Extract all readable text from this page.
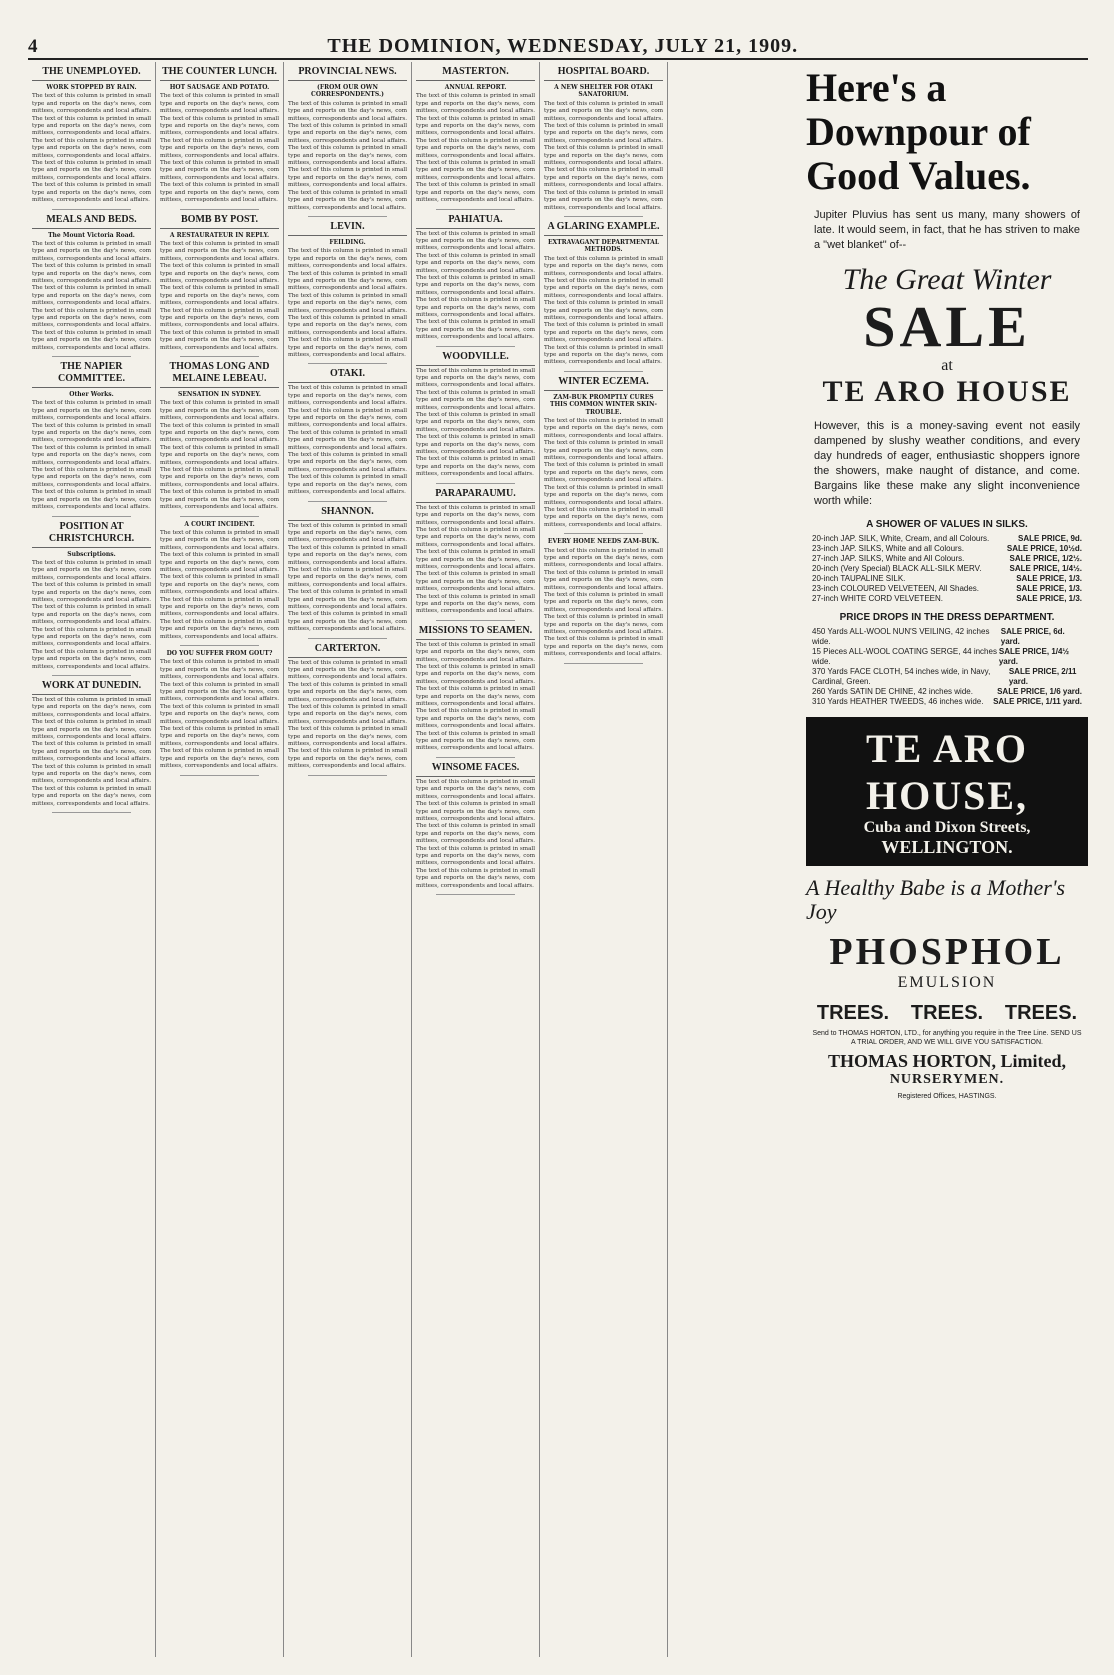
4	THE DOMINION, WEDNESDAY, JULY 21, 1909.
THE UNEMPLOYED.
WORK STOPPED BY RAIN.
The text of this column is printed in small type and reports on the day's news, committees, correspondents and local affairs. The text of this column is printed in small type and reports on the day's news, committees, correspondents and local affairs. The text of this column is printed in small type and reports on the day's news, committees, correspondents and local affairs. The text of this column is printed in small type and reports on the day's news, committees, correspondents and local affairs. The text of this column is printed in small type and reports on the day's news, committees, correspondents and local affairs.
MEALS AND BEDS.
The Mount Victoria Road.
The text of this column is printed in small type and reports on the day's news, committees, correspondents and local affairs. The text of this column is printed in small type and reports on the day's news, committees, correspondents and local affairs. The text of this column is printed in small type and reports on the day's news, committees, correspondents and local affairs. The text of this column is printed in small type and reports on the day's news, committees, correspondents and local affairs. The text of this column is printed in small type and reports on the day's news, committees, correspondents and local affairs.
THE NAPIER COMMITTEE.
Other Works.
The text of this column is printed in small type and reports on the day's news, committees, correspondents and local affairs. The text of this column is printed in small type and reports on the day's news, committees, correspondents and local affairs. The text of this column is printed in small type and reports on the day's news, committees, correspondents and local affairs. The text of this column is printed in small type and reports on the day's news, committees, correspondents and local affairs. The text of this column is printed in small type and reports on the day's news, committees, correspondents and local affairs.
POSITION AT CHRISTCHURCH.
Subscriptions.
The text of this column is printed in small type and reports on the day's news, committees, correspondents and local affairs. The text of this column is printed in small type and reports on the day's news, committees, correspondents and local affairs. The text of this column is printed in small type and reports on the day's news, committees, correspondents and local affairs. The text of this column is printed in small type and reports on the day's news, committees, correspondents and local affairs. The text of this column is printed in small type and reports on the day's news, committees, correspondents and local affairs.
WORK AT DUNEDIN.
The text of this column is printed in small type and reports on the day's news, committees, correspondents and local affairs. The text of this column is printed in small type and reports on the day's news, committees, correspondents and local affairs. The text of this column is printed in small type and reports on the day's news, committees, correspondents and local affairs. The text of this column is printed in small type and reports on the day's news, committees, correspondents and local affairs. The text of this column is printed in small type and reports on the day's news, committees, correspondents and local affairs.
THE COUNTER LUNCH.
HOT SAUSAGE AND POTATO.
The text of this column is printed in small type and reports on the day's news, committees, correspondents and local affairs. The text of this column is printed in small type and reports on the day's news, committees, correspondents and local affairs. The text of this column is printed in small type and reports on the day's news, committees, correspondents and local affairs. The text of this column is printed in small type and reports on the day's news, committees, correspondents and local affairs. The text of this column is printed in small type and reports on the day's news, committees, correspondents and local affairs.
BOMB BY POST.
A RESTAURATEUR IN REPLY.
The text of this column is printed in small type and reports on the day's news, committees, correspondents and local affairs. The text of this column is printed in small type and reports on the day's news, committees, correspondents and local affairs. The text of this column is printed in small type and reports on the day's news, committees, correspondents and local affairs. The text of this column is printed in small type and reports on the day's news, committees, correspondents and local affairs. The text of this column is printed in small type and reports on the day's news, committees, correspondents and local affairs.
THOMAS LONG AND MELAINE LEBEAU.
SENSATION IN SYDNEY.
The text of this column is printed in small type and reports on the day's news, committees, correspondents and local affairs. The text of this column is printed in small type and reports on the day's news, committees, correspondents and local affairs. The text of this column is printed in small type and reports on the day's news, committees, correspondents and local affairs. The text of this column is printed in small type and reports on the day's news, committees, correspondents and local affairs. The text of this column is printed in small type and reports on the day's news, committees, correspondents and local affairs.
A COURT INCIDENT.
The text of this column is printed in small type and reports on the day's news, committees, correspondents and local affairs. The text of this column is printed in small type and reports on the day's news, committees, correspondents and local affairs. The text of this column is printed in small type and reports on the day's news, committees, correspondents and local affairs. The text of this column is printed in small type and reports on the day's news, committees, correspondents and local affairs. The text of this column is printed in small type and reports on the day's news, committees, correspondents and local affairs.
DO YOU SUFFER FROM GOUT?
The text of this column is printed in small type and reports on the day's news, committees, correspondents and local affairs. The text of this column is printed in small type and reports on the day's news, committees, correspondents and local affairs. The text of this column is printed in small type and reports on the day's news, committees, correspondents and local affairs. The text of this column is printed in small type and reports on the day's news, committees, correspondents and local affairs. The text of this column is printed in small type and reports on the day's news, committees, correspondents and local affairs.
PROVINCIAL NEWS.
(FROM OUR OWN CORRESPONDENTS.)
The text of this column is printed in small type and reports on the day's news, committees, correspondents and local affairs. The text of this column is printed in small type and reports on the day's news, committees, correspondents and local affairs. The text of this column is printed in small type and reports on the day's news, committees, correspondents and local affairs. The text of this column is printed in small type and reports on the day's news, committees, correspondents and local affairs. The text of this column is printed in small type and reports on the day's news, committees, correspondents and local affairs.
LEVIN.
FEILDING.
The text of this column is printed in small type and reports on the day's news, committees, correspondents and local affairs. The text of this column is printed in small type and reports on the day's news, committees, correspondents and local affairs. The text of this column is printed in small type and reports on the day's news, committees, correspondents and local affairs. The text of this column is printed in small type and reports on the day's news, committees, correspondents and local affairs. The text of this column is printed in small type and reports on the day's news, committees, correspondents and local affairs.
OTAKI.
The text of this column is printed in small type and reports on the day's news, committees, correspondents and local affairs. The text of this column is printed in small type and reports on the day's news, committees, correspondents and local affairs. The text of this column is printed in small type and reports on the day's news, committees, correspondents and local affairs. The text of this column is printed in small type and reports on the day's news, committees, correspondents and local affairs. The text of this column is printed in small type and reports on the day's news, committees, correspondents and local affairs.
SHANNON.
The text of this column is printed in small type and reports on the day's news, committees, correspondents and local affairs. The text of this column is printed in small type and reports on the day's news, committees, correspondents and local affairs. The text of this column is printed in small type and reports on the day's news, committees, correspondents and local affairs. The text of this column is printed in small type and reports on the day's news, committees, correspondents and local affairs. The text of this column is printed in small type and reports on the day's news, committees, correspondents and local affairs.
CARTERTON.
The text of this column is printed in small type and reports on the day's news, committees, correspondents and local affairs. The text of this column is printed in small type and reports on the day's news, committees, correspondents and local affairs. The text of this column is printed in small type and reports on the day's news, committees, correspondents and local affairs. The text of this column is printed in small type and reports on the day's news, committees, correspondents and local affairs. The text of this column is printed in small type and reports on the day's news, committees, correspondents and local affairs.
MASTERTON.
ANNUAL REPORT.
The text of this column is printed in small type and reports on the day's news, committees, correspondents and local affairs. The text of this column is printed in small type and reports on the day's news, committees, correspondents and local affairs. The text of this column is printed in small type and reports on the day's news, committees, correspondents and local affairs. The text of this column is printed in small type and reports on the day's news, committees, correspondents and local affairs. The text of this column is printed in small type and reports on the day's news, committees, correspondents and local affairs.
PAHIATUA.
The text of this column is printed in small type and reports on the day's news, committees, correspondents and local affairs. The text of this column is printed in small type and reports on the day's news, committees, correspondents and local affairs. The text of this column is printed in small type and reports on the day's news, committees, correspondents and local affairs. The text of this column is printed in small type and reports on the day's news, committees, correspondents and local affairs. The text of this column is printed in small type and reports on the day's news, committees, correspondents and local affairs.
WOODVILLE.
The text of this column is printed in small type and reports on the day's news, committees, correspondents and local affairs. The text of this column is printed in small type and reports on the day's news, committees, correspondents and local affairs. The text of this column is printed in small type and reports on the day's news, committees, correspondents and local affairs. The text of this column is printed in small type and reports on the day's news, committees, correspondents and local affairs. The text of this column is printed in small type and reports on the day's news, committees, correspondents and local affairs.
PARAPARAUMU.
The text of this column is printed in small type and reports on the day's news, committees, correspondents and local affairs. The text of this column is printed in small type and reports on the day's news, committees, correspondents and local affairs. The text of this column is printed in small type and reports on the day's news, committees, correspondents and local affairs. The text of this column is printed in small type and reports on the day's news, committees, correspondents and local affairs. The text of this column is printed in small type and reports on the day's news, committees, correspondents and local affairs.
MISSIONS TO SEAMEN.
The text of this column is printed in small type and reports on the day's news, committees, correspondents and local affairs. The text of this column is printed in small type and reports on the day's news, committees, correspondents and local affairs. The text of this column is printed in small type and reports on the day's news, committees, correspondents and local affairs. The text of this column is printed in small type and reports on the day's news, committees, correspondents and local affairs. The text of this column is printed in small type and reports on the day's news, committees, correspondents and local affairs.
WINSOME FACES.
The text of this column is printed in small type and reports on the day's news, committees, correspondents and local affairs. The text of this column is printed in small type and reports on the day's news, committees, correspondents and local affairs. The text of this column is printed in small type and reports on the day's news, committees, correspondents and local affairs. The text of this column is printed in small type and reports on the day's news, committees, correspondents and local affairs. The text of this column is printed in small type and reports on the day's news, committees, correspondents and local affairs.
HOSPITAL BOARD.
A NEW SHELTER FOR OTAKI SANATORIUM.
The text of this column is printed in small type and reports on the day's news, committees, correspondents and local affairs. The text of this column is printed in small type and reports on the day's news, committees, correspondents and local affairs. The text of this column is printed in small type and reports on the day's news, committees, correspondents and local affairs. The text of this column is printed in small type and reports on the day's news, committees, correspondents and local affairs. The text of this column is printed in small type and reports on the day's news, committees, correspondents and local affairs.
A GLARING EXAMPLE.
EXTRAVAGANT DEPARTMENTAL METHODS.
The text of this column is printed in small type and reports on the day's news, committees, correspondents and local affairs. The text of this column is printed in small type and reports on the day's news, committees, correspondents and local affairs. The text of this column is printed in small type and reports on the day's news, committees, correspondents and local affairs. The text of this column is printed in small type and reports on the day's news, committees, correspondents and local affairs. The text of this column is printed in small type and reports on the day's news, committees, correspondents and local affairs.
WINTER ECZEMA.
ZAM-BUK PROMPTLY CURES THIS COMMON WINTER SKIN-TROUBLE.
The text of this column is printed in small type and reports on the day's news, committees, correspondents and local affairs. The text of this column is printed in small type and reports on the day's news, committees, correspondents and local affairs. The text of this column is printed in small type and reports on the day's news, committees, correspondents and local affairs. The text of this column is printed in small type and reports on the day's news, committees, correspondents and local affairs. The text of this column is printed in small type and reports on the day's news, committees, correspondents and local affairs.
EVERY HOME NEEDS ZAM-BUK.
The text of this column is printed in small type and reports on the day's news, committees, correspondents and local affairs. The text of this column is printed in small type and reports on the day's news, committees, correspondents and local affairs. The text of this column is printed in small type and reports on the day's news, committees, correspondents and local affairs. The text of this column is printed in small type and reports on the day's news, committees, correspondents and local affairs. The text of this column is printed in small type and reports on the day's news, committees, correspondents and local affairs.
Here's a Downpour of Good Values.
Jupiter Pluvius has sent us many, many showers of late. It would seem, in fact, that he has striven to make a "wet blanket" of--
The Great Winter
SALE
at
TE ARO HOUSE
However, this is a money-saving event not easily dampened by slushy weather conditions, and every day hundreds of eager, enthusiastic shoppers ignore the showers, make naught of distance, and come. Bargains like these make any slight inconvenience worth while:
A SHOWER OF VALUES IN SILKS.
20-inch JAP. SILK, White, Cream, and all Colours.	SALE PRICE, 9d.
23-inch JAP. SILKS, White and all Colours.	SALE PRICE, 10½d.
27-inch JAP. SILKS, White and All Colours.	SALE PRICE, 1/2½.
20-inch (Very Special) BLACK ALL-SILK MERV.	SALE PRICE, 1/4½.
20-inch TAUPALINE SILK.	SALE PRICE, 1/3.
23-inch COLOURED VELVETEEN, All Shades.	SALE PRICE, 1/3.
27-inch WHITE CORD VELVETEEN.	SALE PRICE, 1/3.
PRICE DROPS IN THE DRESS DEPARTMENT.
450 Yards ALL-WOOL NUN'S VEILING, 42 inches wide.
SALE PRICE, 6d. yard.
15 Pieces ALL-WOOL COATING SERGE, 44 inches wide.
SALE PRICE, 1/4½ yard.
370 Yards FACE CLOTH, 54 inches wide, in Navy, Cardinal, Green.
SALE PRICE, 2/11 yard.
260 Yards SATIN DE CHINE, 42 inches wide.	SALE PRICE, 1/6 yard.
310 Yards HEATHER TWEEDS, 46 inches wide. SALE PRICE, 1/11 yard.
TE ARO HOUSE,
Cuba and Dixon Streets,
WELLINGTON.
A Healthy Babe is a Mother's Joy
PHOSPHOL
EMULSION
TREES. TREES. TREES.
Send to THOMAS HORTON, LTD., for anything you require in the Tree Line. SEND US A TRIAL ORDER, AND WE WILL GIVE YOU SATISFACTION.
THOMAS HORTON, Limited,
NURSERYMEN.
Registered Offices, HASTINGS.
